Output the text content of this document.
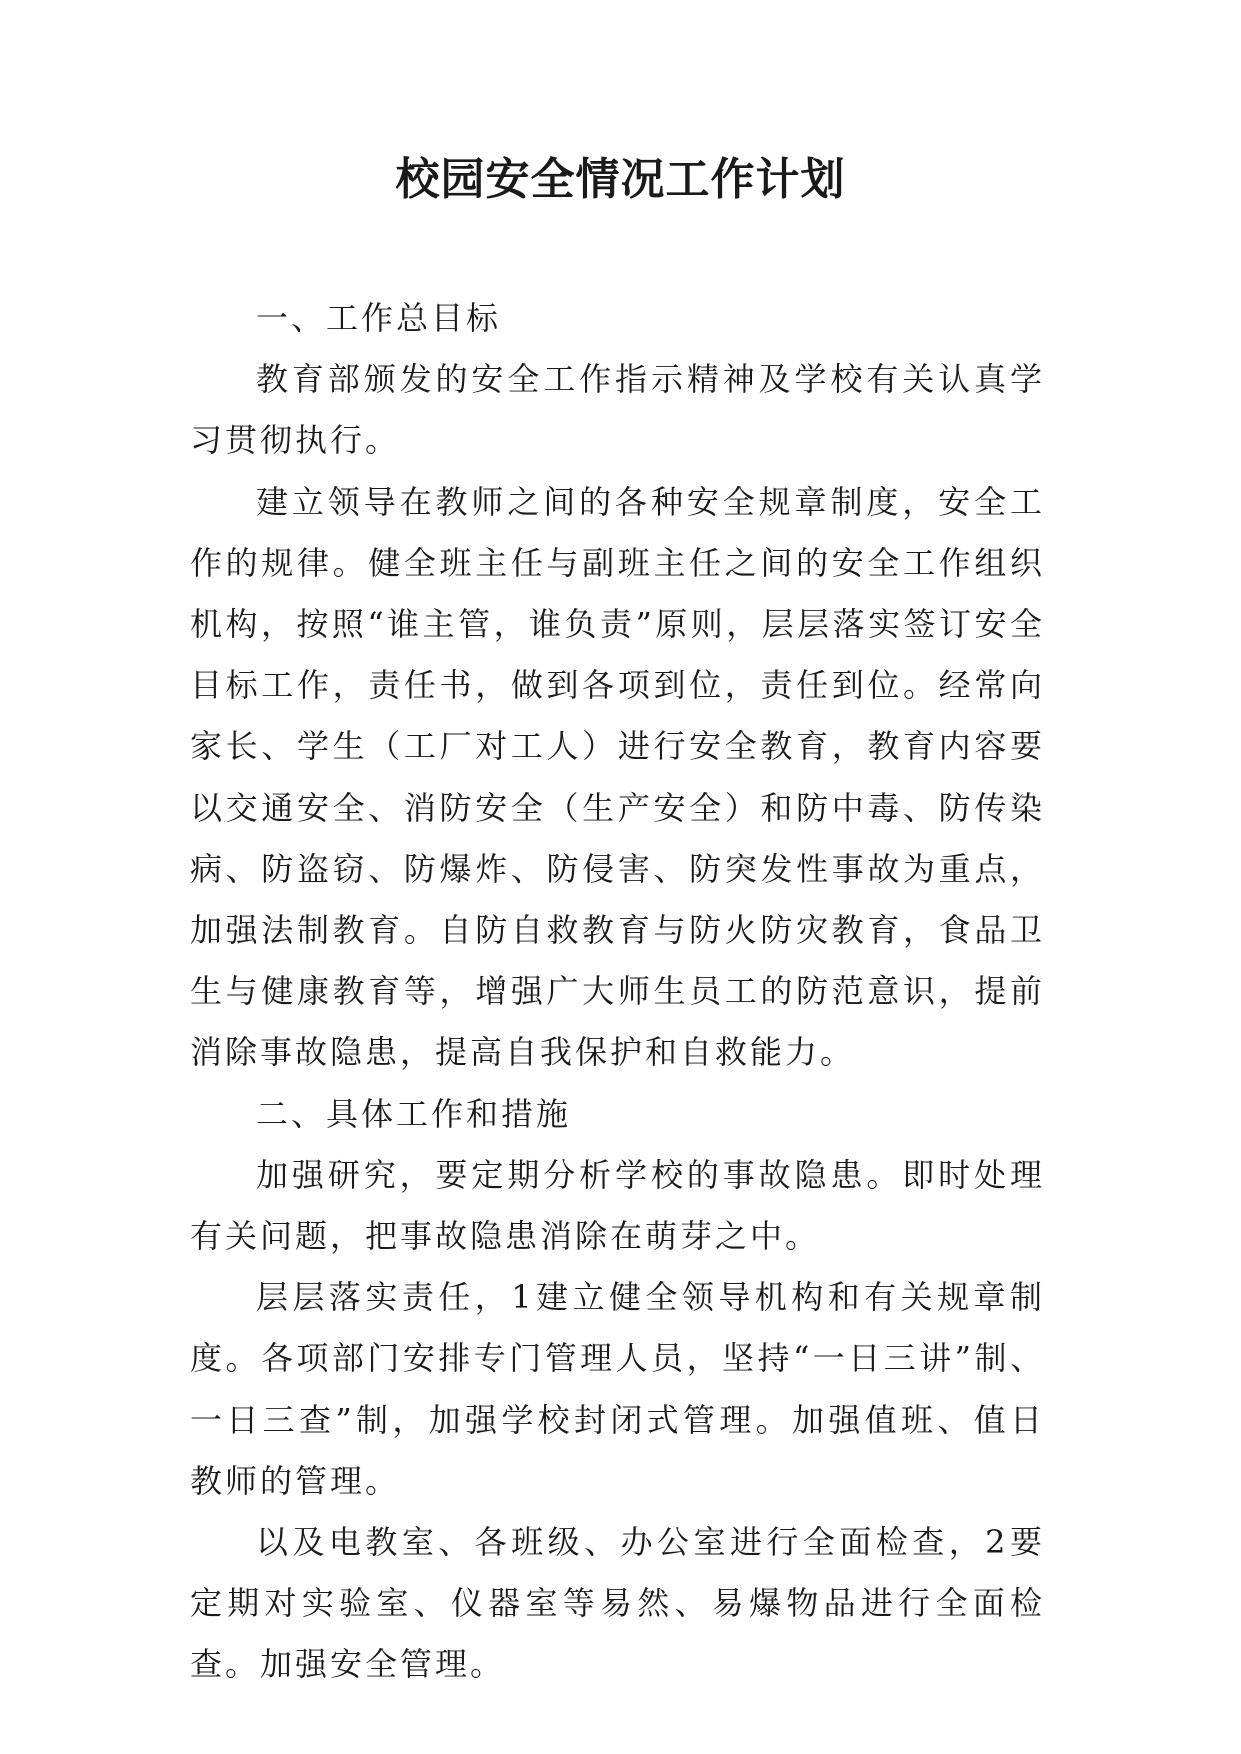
校园安全情况工作计划

一、工作总目标

教育部颁发的安全工作指示精神及学校有关认真学习贯彻执行。

建立领导在教师之间的各种安全规章制度，安全工作的规律。健全班主任与副班主任之间的安全工作组织机构，按照“谁主管，谁负责”原则，层层落实签订安全目标工作，责任书，做到各项到位，责任到位。经常向家长、学生（工厂对工人）进行安全教育，教育内容要以交通安全、消防安全（生产安全）和防中毒、防传染病、防盗窃、防爆炸、防侵害、防突发性事故为重点，加强法制教育。自防自救教育与防火防灾教育，食品卫生与健康教育等，增强广大师生员工的防范意识，提前消除事故隐患，提高自我保护和自救能力。

二、具体工作和措施

加强研究，要定期分析学校的事故隐患。即时处理有关问题，把事故隐患消除在萌芽之中。

层层落实责任，1建立健全领导机构和有关规章制度。各项部门安排专门管理人员，坚持“一日三讲”制、一日三查”制，加强学校封闭式管理。加强值班、值日教师的管理。

以及电教室、各班级、办公室进行全面检查，2要定期对实验室、仪器室等易然、易爆物品进行全面检查。加强安全管理。
